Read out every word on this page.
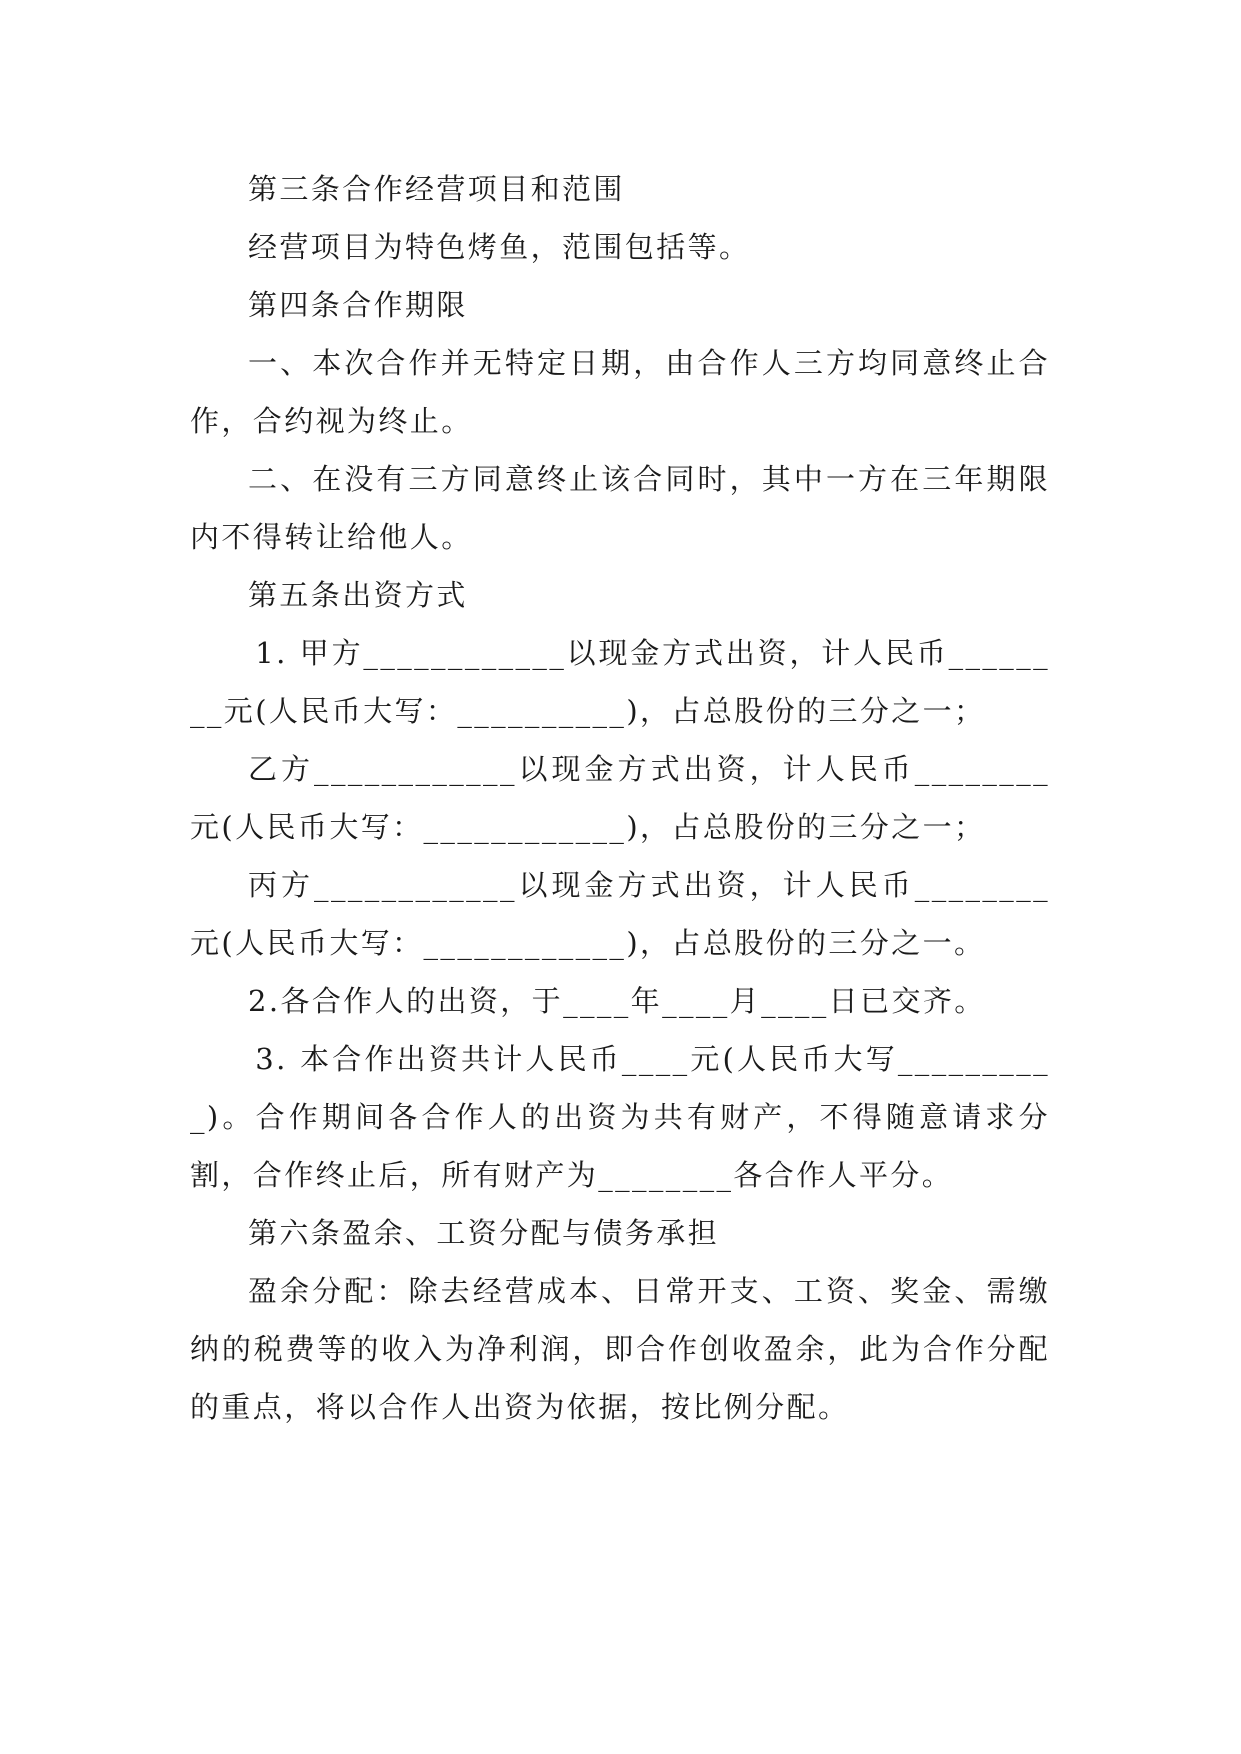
第三条合作经营项目和范围

经营项目为特色烤鱼，范围包括等。

第四条合作期限

一、本次合作并无特定日期，由合作人三方均同意终止合作，合约视为终止。

二、在没有三方同意终止该合同时，其中一方在三年期限内不得转让给他人。

第五条出资方式

1. 甲方____________以现金方式出资，计人民币________元(人民币大写：__________)，占总股份的三分之一；

乙方____________以现金方式出资，计人民币________元(人民币大写：____________)，占总股份的三分之一；

丙方____________以现金方式出资，计人民币________元(人民币大写：____________)，占总股份的三分之一。

2.各合作人的出资，于____年____月____日已交齐。

3. 本合作出资共计人民币____元(人民币大写__________)。合作期间各合作人的出资为共有财产，不得随意请求分割，合作终止后，所有财产为________各合作人平分。

第六条盈余、工资分配与债务承担

盈余分配：除去经营成本、日常开支、工资、奖金、需缴纳的税费等的收入为净利润，即合作创收盈余，此为合作分配的重点，将以合作人出资为依据，按比例分配。
